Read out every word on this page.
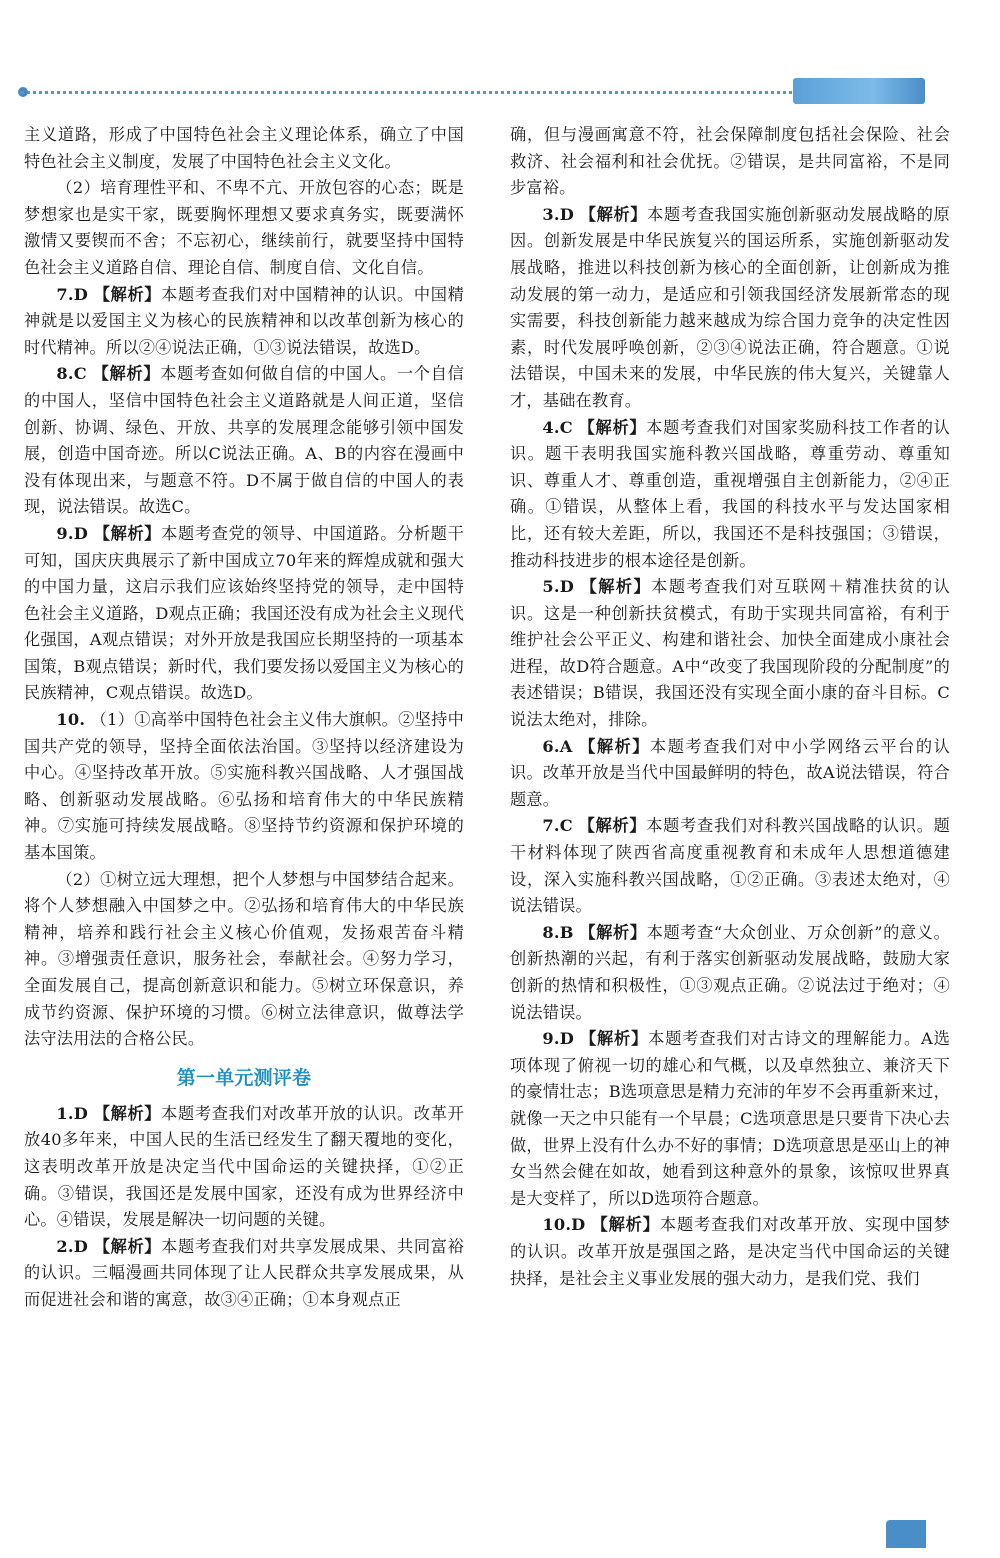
主义道路，形成了中国特色社会主义理论体系，确立了中国特色社会主义制度，发展了中国特色社会主义文化。

（2）培育理性平和、不卑不亢、开放包容的心态；既是梦想家也是实干家，既要胸怀理想又要求真务实，既要满怀激情又要锲而不舍；不忘初心，继续前行，就要坚持中国特色社会主义道路自信、理论自信、制度自信、文化自信。

7.D 【解析】本题考查我们对中国精神的认识。中国精神就是以爱国主义为核心的民族精神和以改革创新为核心的时代精神。所以②④说法正确，①③说法错误，故选D。

8.C 【解析】本题考查如何做自信的中国人。一个自信的中国人，坚信中国特色社会主义道路就是人间正道，坚信创新、协调、绿色、开放、共享的发展理念能够引领中国发展，创造中国奇迹。所以C说法正确。A、B的内容在漫画中没有体现出来，与题意不符。D不属于做自信的中国人的表现，说法错误。故选C。

9.D 【解析】本题考查党的领导、中国道路。分析题干可知，国庆庆典展示了新中国成立70年来的辉煌成就和强大的中国力量，这启示我们应该始终坚持党的领导，走中国特色社会主义道路，D观点正确；我国还没有成为社会主义现代化强国，A观点错误；对外开放是我国应长期坚持的一项基本国策，B观点错误；新时代，我们要发扬以爱国主义为核心的民族精神，C观点错误。故选D。

10. （1）①高举中国特色社会主义伟大旗帜。②坚持中国共产党的领导，坚持全面依法治国。③坚持以经济建设为中心。④坚持改革开放。⑤实施科教兴国战略、人才强国战略、创新驱动发展战略。⑥弘扬和培育伟大的中华民族精神。⑦实施可持续发展战略。⑧坚持节约资源和保护环境的基本国策。

（2）①树立远大理想，把个人梦想与中国梦结合起来。将个人梦想融入中国梦之中。②弘扬和培育伟大的中华民族精神，培养和践行社会主义核心价值观，发扬艰苦奋斗精神。③增强责任意识，服务社会，奉献社会。④努力学习，全面发展自己，提高创新意识和能力。⑤树立环保意识，养成节约资源、保护环境的习惯。⑥树立法律意识，做尊法学法守法用法的合格公民。

第一单元测评卷

1.D 【解析】本题考查我们对改革开放的认识。改革开放40多年来，中国人民的生活已经发生了翻天覆地的变化，这表明改革开放是决定当代中国命运的关键抉择，①②正确。③错误，我国还是发展中国家，还没有成为世界经济中心。④错误，发展是解决一切问题的关键。

2.D 【解析】本题考查我们对共享发展成果、共同富裕的认识。三幅漫画共同体现了让人民群众共享发展成果，从而促进社会和谐的寓意，故③④正确；①本身观点正

确，但与漫画寓意不符，社会保障制度包括社会保险、社会救济、社会福利和社会优抚。②错误，是共同富裕，不是同步富裕。

3.D 【解析】本题考查我国实施创新驱动发展战略的原因。创新发展是中华民族复兴的国运所系，实施创新驱动发展战略，推进以科技创新为核心的全面创新，让创新成为推动发展的第一动力，是适应和引领我国经济发展新常态的现实需要，科技创新能力越来越成为综合国力竞争的决定性因素，时代发展呼唤创新，②③④说法正确，符合题意。①说法错误，中国未来的发展，中华民族的伟大复兴，关键靠人才，基础在教育。

4.C 【解析】本题考查我们对国家奖励科技工作者的认识。题干表明我国实施科教兴国战略，尊重劳动、尊重知识、尊重人才、尊重创造，重视增强自主创新能力，②④正确。①错误，从整体上看，我国的科技水平与发达国家相比，还有较大差距，所以，我国还不是科技强国；③错误，推动科技进步的根本途径是创新。

5.D 【解析】本题考查我们对互联网＋精准扶贫的认识。这是一种创新扶贫模式，有助于实现共同富裕，有利于维护社会公平正义、构建和谐社会、加快全面建成小康社会进程，故D符合题意。A中“改变了我国现阶段的分配制度”的表述错误；B错误，我国还没有实现全面小康的奋斗目标。C说法太绝对，排除。

6.A 【解析】本题考查我们对中小学网络云平台的认识。改革开放是当代中国最鲜明的特色，故A说法错误，符合题意。

7.C 【解析】本题考查我们对科教兴国战略的认识。题干材料体现了陕西省高度重视教育和未成年人思想道德建设，深入实施科教兴国战略，①②正确。③表述太绝对，④说法错误。

8.B 【解析】本题考查“大众创业、万众创新”的意义。创新热潮的兴起，有利于落实创新驱动发展战略，鼓励大家创新的热情和积极性，①③观点正确。②说法过于绝对；④说法错误。

9.D 【解析】本题考查我们对古诗文的理解能力。A选项体现了俯视一切的雄心和气概，以及卓然独立、兼济天下的豪情壮志；B选项意思是精力充沛的年岁不会再重新来过，就像一天之中只能有一个早晨；C选项意思是只要肯下决心去做，世界上没有什么办不好的事情；D选项意思是巫山上的神女当然会健在如故，她看到这种意外的景象，该惊叹世界真是大变样了，所以D选项符合题意。

10.D 【解析】本题考查我们对改革开放、实现中国梦的认识。改革开放是强国之路，是决定当代中国命运的关键抉择，是社会主义事业发展的强大动力，是我们党、我们
